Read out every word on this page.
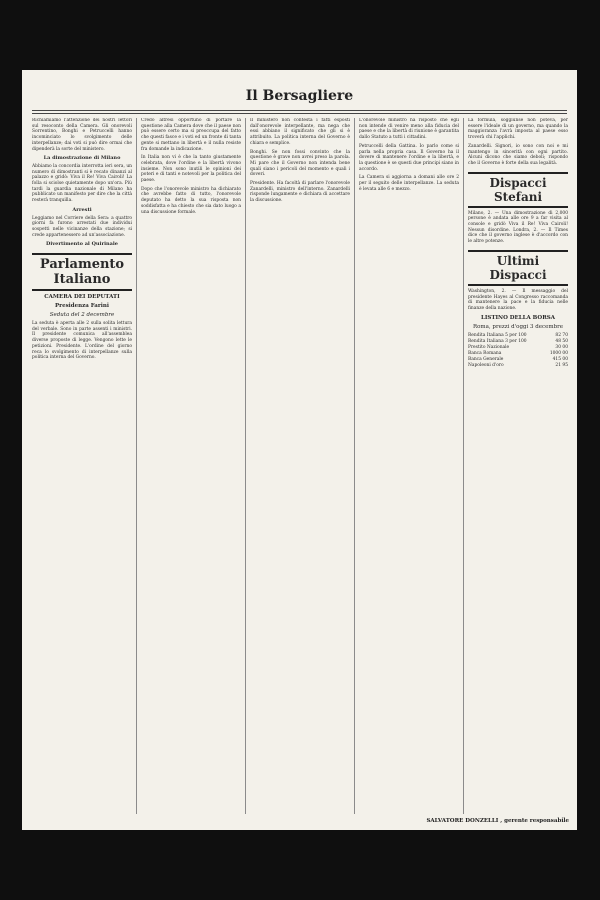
Il Bersagliere

Richiamiamo l'attenzione dei nostri lettori sul resoconto della Camera. Gli onorevoli Sorrentino, Bonghi e Petruccelli hanno incominciato lo svolgimento delle interpellanze; dai voti si può dire ormai che dipenderà la sorte del ministero.

La dimostrazione di Milano

Abbiamo la concordia interrotta ieri sera, un numero di dimostranti si è recato dinanzi al palazzo e gridò: Viva il Re! Viva Cairoli! La folla si sciolse quietamente dopo un'ora. Più tardi la guardia nazionale di Milano ha pubblicato un manifesto per dire che la città resterà tranquilla.

Arresti

Leggiamo nel Corriere della Sera: a quattro giorni fa furono arrestati due individui sospetti nelle vicinanze della stazione; si crede appartenessero ad un'associazione.

Divertimento al Quirinale
Parlamento Italiano
CAMERA DEI DEPUTATI
Presidenza Farini
Seduta del 2 decembre

La seduta è aperta alle 2 sulla solita lettura del verbale. Sono in parte assenti i ministri. Il presidente comunica all'assemblea diverse proposte di legge. Vengono lette le petizioni. Presidente. L'ordine del giorno reca lo svolgimento di interpellanze sulla politica interna del Governo.

Credo altresì opportuno di portare la questione alla Camera dove che il paese non può essere certo ma si preoccupa del fatto che questi fasce e i voti ed un fronte di tanta gente si mettano in libertà e il nulla resiste fra domande la indicazione.

In Italia non vi è che la tanto giustamente celebrata, dove l'ordine e la libertà vivono insieme. Non sono inutili le opinioni dei poteri e di tanti e notevoli per la politica del paese.

Dopo che l'onorevole ministro ha dichiarato che avrebbe fatto di tutto, l'onorevole deputato ha detto la sua risposta non soddisfatta e ha chiesto che sia dato luogo a una discussione formale.

Il ministero non contesta i fatti esposti dall'onorevole interpellante, ma nega che essi abbiano il significato che gli si è attribuito. La politica interna del Governo è chiara e semplice.

Bonghi. Se non fossi convinto che la questione è grave non avrei preso la parola. Mi pare che il Governo non intenda bene quali siano i pericoli del momento e quali i doveri.

Presidente. Ha facoltà di parlare l'onorevole Zanardelli, ministro dell'interno. Zanardelli risponde lungamente e dichiara di accettare la discussione.

L'onorevole ministro ha risposto che egli non intende di venire meno alla fiducia del paese e che la libertà di riunione è garantita dallo Statuto a tutti i cittadini.

Petruccelli della Gattina. Io parlo come si parla nella propria casa. Il Governo ha il dovere di mantenere l'ordine e la libertà, e la questione è se questi due principi siano in accordo.

La Camera si aggiorna a domani alle ore 2 per il seguito delle interpellanze. La seduta è levata alle 6 e mezzo.

La formula, soggiunse non poteva, per essere l'ideale di un governo, ma quando la maggioranza l'avrà imposta al paese esso troverà chi l'applichi.

Zanardelli. Signori, io sono con noi e mi mantengo in sincerità con ogni partito. Alcuni dicono che siamo deboli; rispondo che il Governo è forte della sua legalità.

Dispacci Stefani

Milano, 2. — Una dimostrazione di 2,000 persone è andata alle ore 9 a far visita al console e gridò Viva il Re! Viva Cairoli! Nessun disordine. Londra, 2. — Il Times dice che il governo inglese è d'accordo con le altre potenze.

Ultimi Dispacci

Washington, 2. — Il messaggio del presidente Hayes al Congresso raccomanda di mantenere la pace e la fiducia nelle finanze della nazione.

LISTINO DELLA BORSA
Roma, prezzi d'oggi 3 decembre
Rendita Italiana 5 per 100	82 70
Rendita Italiana 3 per 100	48 50
Prestito Nazionale	30 00
Banca Romana	1000 00
Banca Generale	415 00
Napoleoni d'oro	21 95
SALVATORE DONZELLI , gerente responsabile
